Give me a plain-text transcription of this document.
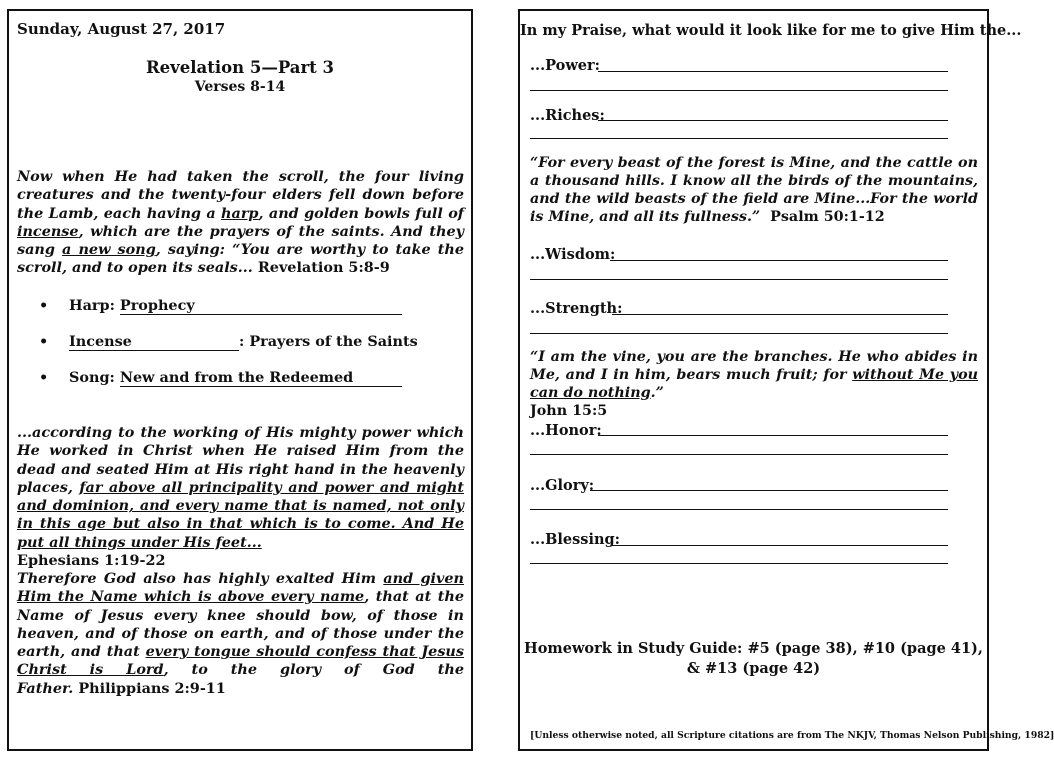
Sunday, August 27, 2017
Revelation 5—Part 3
Verses 8-14
Now when He had taken the scroll, the four living creatures and the twenty-four elders fell down before the Lamb, each having a harp, and golden bowls full of incense, which are the prayers of the saints. And they sang a new song, saying: “You are worthy to take the scroll, and to open its seals... Revelation 5:8-9
• Harp: Prophecy
• Incense	: Prayers of the Saints
• Song: New and from the Redeemed
...according to the working of His mighty power which He worked in Christ when He raised Him from the dead and seated Him at His right hand in the heavenly places, far above all principality and power and might and dominion, and every name that is named, not only in this age but also in that which is to come. And He put all things under His feet...
Ephesians 1:19-22
Therefore God also has highly exalted Him and given Him the Name which is above every name, that at the Name of Jesus every knee should bow, of those in heaven, and of those on earth, and of those under the earth, and that every tongue should confess that Jesus Christ is Lord, to the glory of God the Father. Philippians 2:9-11
In my Praise, what would it look like for me to give Him the...
...Power:
...Riches:
“For every beast of the forest is Mine, and the cattle on a thousand hills. I know all the birds of the mountains, and the wild beasts of the field are Mine...For the world is Mine, and all its fullness.” Psalm 50:1-12
...Wisdom:
...Strength:
“I am the vine, you are the branches. He who abides in Me, and I in him, bears much fruit; for without Me you can do nothing.”
John 15:5
...Honor:
...Glory:
...Blessing:
Homework in Study Guide: #5 (page 38), #10 (page 41),
& #13 (page 42)
[Unless otherwise noted, all Scripture citations are from The NKJV, Thomas Nelson Publishing, 1982]
